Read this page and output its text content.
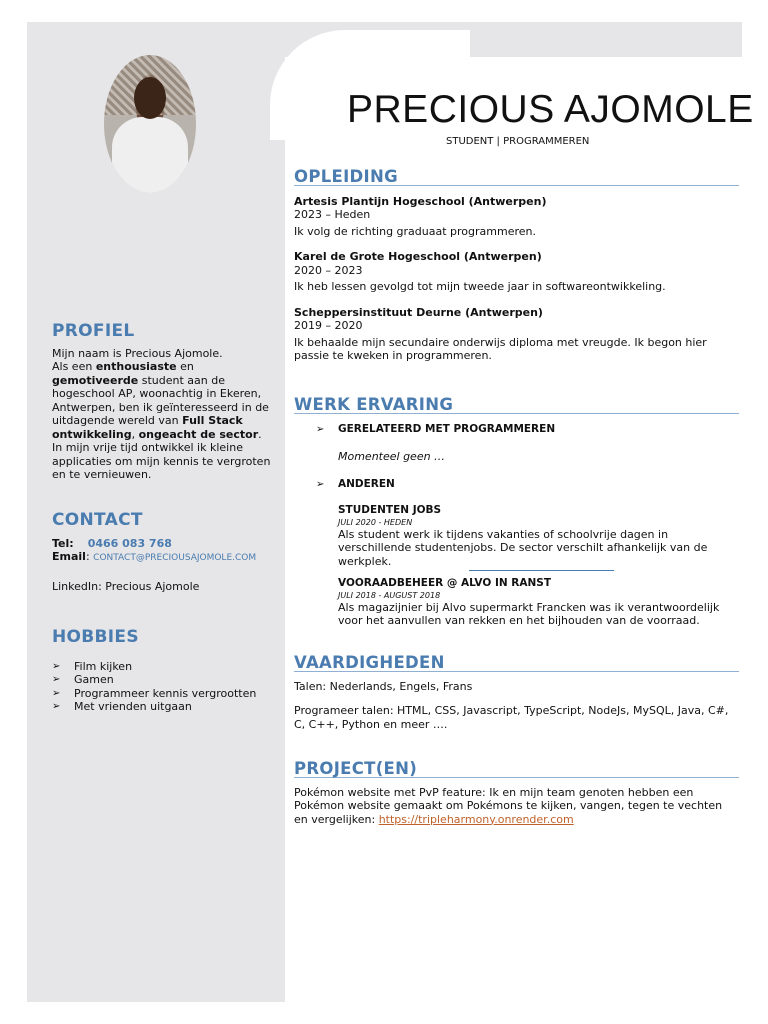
PRECIOUS AJOMOLE
STUDENT | PROGRAMMEREN
PROFIEL
Mijn naam is Precious Ajomole.
Als een enthousiaste en gemotiveerde student aan de hogeschool AP, woonachtig in Ekeren, Antwerpen, ben ik geïnteresseerd in de uitdagende wereld van Full Stack ontwikkeling, ongeacht de sector.
In mijn vrije tijd ontwikkel ik kleine applicaties om mijn kennis te vergroten en te vernieuwen.
CONTACT
Tel: 0466 083 768
Email: CONTACT@PRECIOUSAJOMOLE.COM
LinkedIn: Precious Ajomole
HOBBIES
➢ Film kijken
➢ Gamen
➢ Programmeer kennis vergrootten
➢ Met vrienden uitgaan
OPLEIDING
Artesis Plantijn Hogeschool (Antwerpen)
2023 – Heden
Ik volg de richting graduaat programmeren.
Karel de Grote Hogeschool (Antwerpen)
2020 – 2023
Ik heb lessen gevolgd tot mijn tweede jaar in softwareontwikkeling.
Scheppersinstituut Deurne (Antwerpen)
2019 – 2020
Ik behaalde mijn secundaire onderwijs diploma met vreugde. Ik begon hier passie te kweken in programmeren.
WERK ERVARING
➢ GERELATEERD MET PROGRAMMEREN
Momenteel geen …
➢ ANDEREN
STUDENTEN JOBS
JULI 2020 - HEDEN
Als student werk ik tijdens vakanties of schoolvrije dagen in verschillende studentenjobs. De sector verschilt afhankelijk van de werkplek.
VOORAADBEHEER @ ALVO IN RANST
JULI 2018 - AUGUST 2018
Als magazijnier bij Alvo supermarkt Francken was ik verantwoordelijk voor het aanvullen van rekken en het bijhouden van de voorraad.
VAARDIGHEDEN
Talen: Nederlands, Engels, Frans
Programeer talen: HTML, CSS, Javascript, TypeScript, NodeJs, MySQL, Java, C#, C, C++, Python en meer ….
PROJECT(EN)
Pokémon website met PvP feature: Ik en mijn team genoten hebben een Pokémon website gemaakt om Pokémons te kijken, vangen, tegen te vechten en vergelijken: https://tripleharmony.onrender.com
